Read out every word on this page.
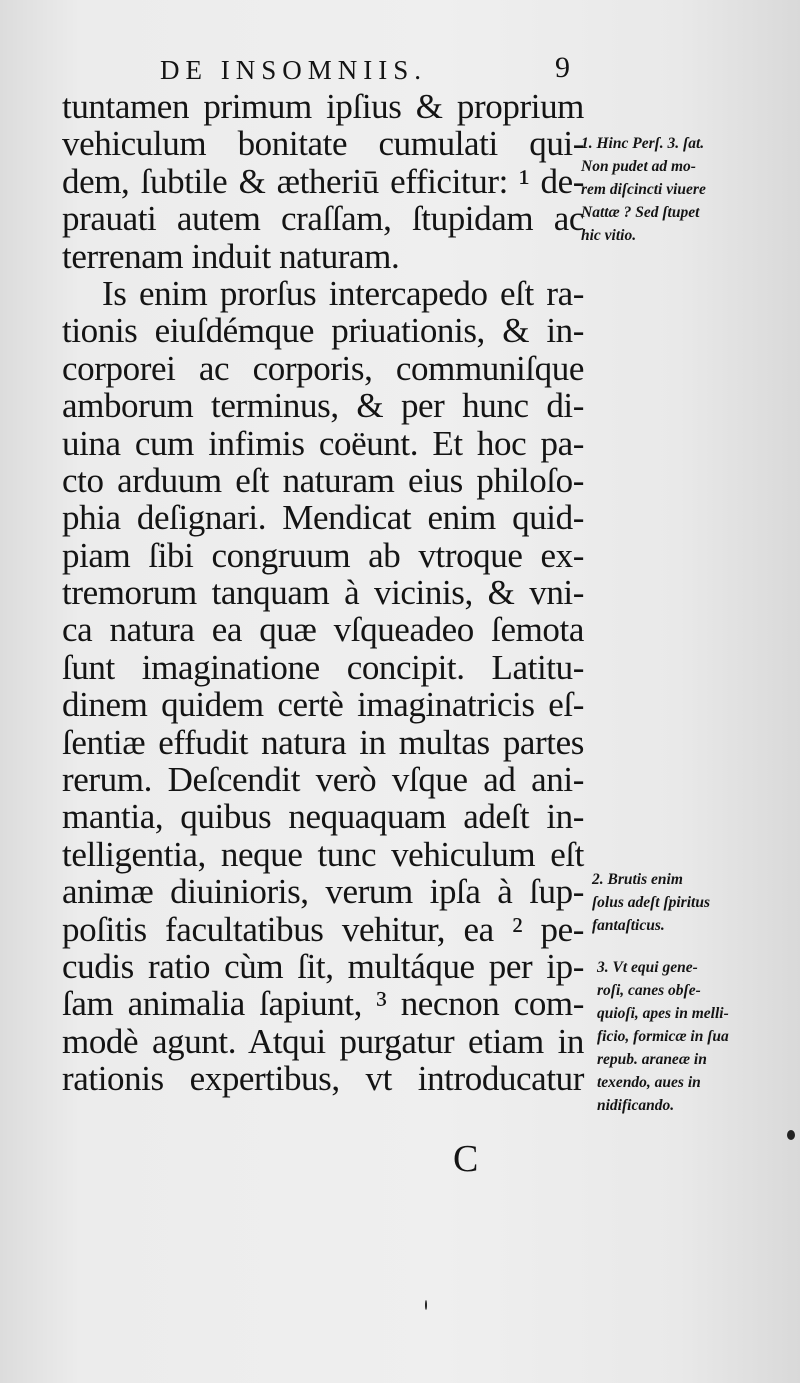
DE INSOMNIIS.	9
tuntamen primum ipſius & proprium
vehiculum bonitate cumulati qui-
dem, ſubtile & ætheriū efficitur: ¹ de-
prauati autem craſſam, ſtupidam ac
terrenam induit naturam.
Is enim prorſus intercapedo eſt ra-
tionis eiuſdémque priuationis, & in-
corporei ac corporis, communiſque
amborum terminus, & per hunc di-
uina cum infimis coëunt. Et hoc pa-
cto arduum eſt naturam eius philoſo-
phia deſignari. Mendicat enim quid-
piam ſibi congruum ab vtroque ex-
tremorum tanquam à vicinis, & vni-
ca natura ea quæ vſqueadeo ſemota
ſunt imaginatione concipit. Latitu-
dinem quidem certè imaginatricis eſ-
ſentiæ effudit natura in multas partes
rerum. Deſcendit verò vſque ad ani-
mantia, quibus nequaquam adeſt in-
telligentia, neque tunc vehiculum eſt
animæ diuinioris, verum ipſa à ſup-
poſitis facultatibus vehitur, ea ² pe-
cudis ratio cùm ſit, multáque per ip-
ſam animalia ſapiunt, ³ necnon com-
modè agunt. Atqui purgatur etiam in
rationis expertibus, vt introducatur
1. Hinc Perſ. 3. ſat.
Non pudet ad mo-
rem diſcincti viuere
Nattæ ? Sed ſtupet
hic vitio.
2. Brutis enim
ſolus adeſt ſpiritus
fantaſticus.
3. Vt equi gene-
roſi, canes obſe-
quioſi, apes in melli-
ficio, formicæ in ſua
repub. araneæ in
texendo, aues in
nidificando.
C
